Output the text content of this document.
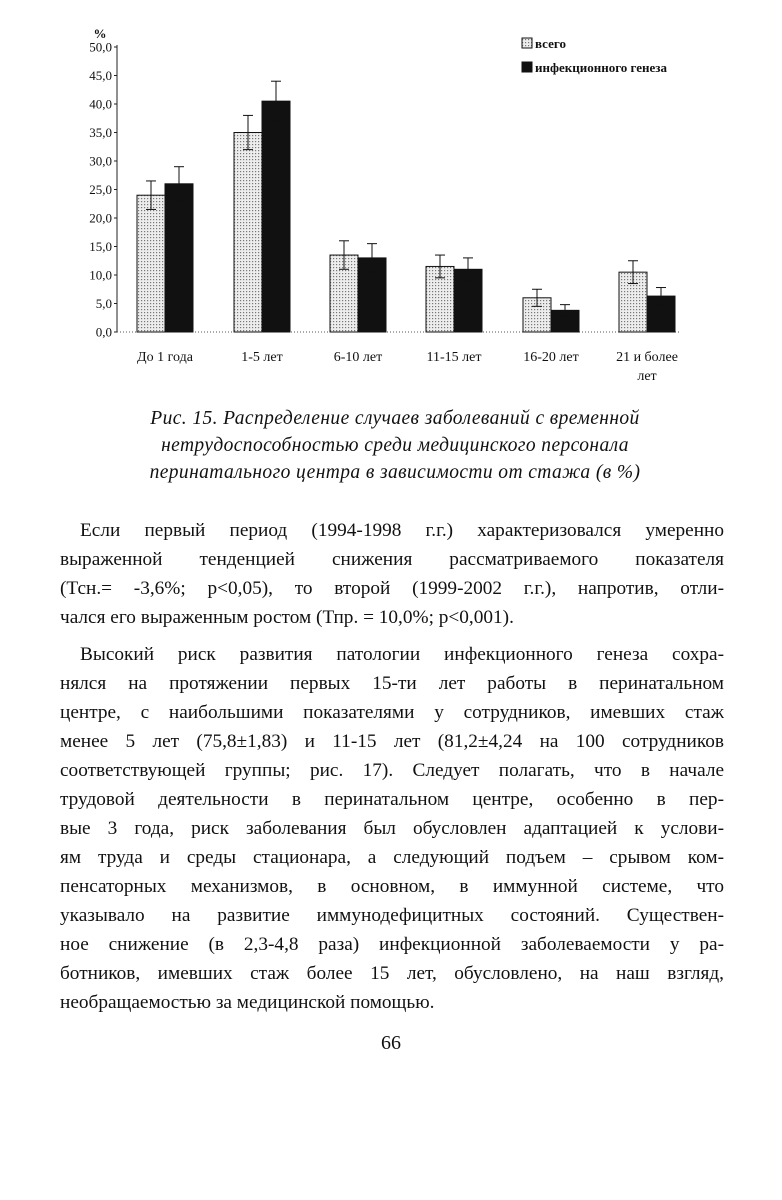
%
0,0
5,0
10,0
15,0
20,0
25,0
30,0
35,0
40,0
45,0
50,0
До 1 года	1-5 лет	6-10 лет	11-15 лет	16-20 лет	21 и более
лет
всего
инфекционного генеза
Рис. 15. Распределение случаев заболеваний с временной
нетрудоспособностью среди медицинского персонала
перинатального центра в зависимости от стажа (в %)
Если первый период (1994-1998 г.г.) характеризовался умеренно
выраженной тенденцией снижения рассматриваемого показателя
(Тсн.= -3,6%; р<0,05), то второй (1999-2002 г.г.), напротив, отли-
чался его выраженным ростом (Тпр. = 10,0%; р<0,001).
Высокий риск развития патологии инфекционного генеза сохра-
нялся на протяжении первых 15-ти лет работы в перинатальном
центре, с наибольшими показателями у сотрудников, имевших стаж
менее 5 лет (75,8±1,83) и 11-15 лет (81,2±4,24 на 100 сотрудников
соответствующей группы; рис. 17). Следует полагать, что в начале
трудовой деятельности в перинатальном центре, особенно в пер-
вые 3 года, риск заболевания был обусловлен адаптацией к услови-
ям труда и среды стационара, а следующий подъем – срывом ком-
пенсаторных механизмов, в основном, в иммунной системе, что
указывало на развитие иммунодефицитных состояний. Существен-
ное снижение (в 2,3-4,8 раза) инфекционной заболеваемости у ра-
ботников, имевших стаж более 15 лет, обусловлено, на наш взгляд,
необращаемостью за медицинской помощью.
66
